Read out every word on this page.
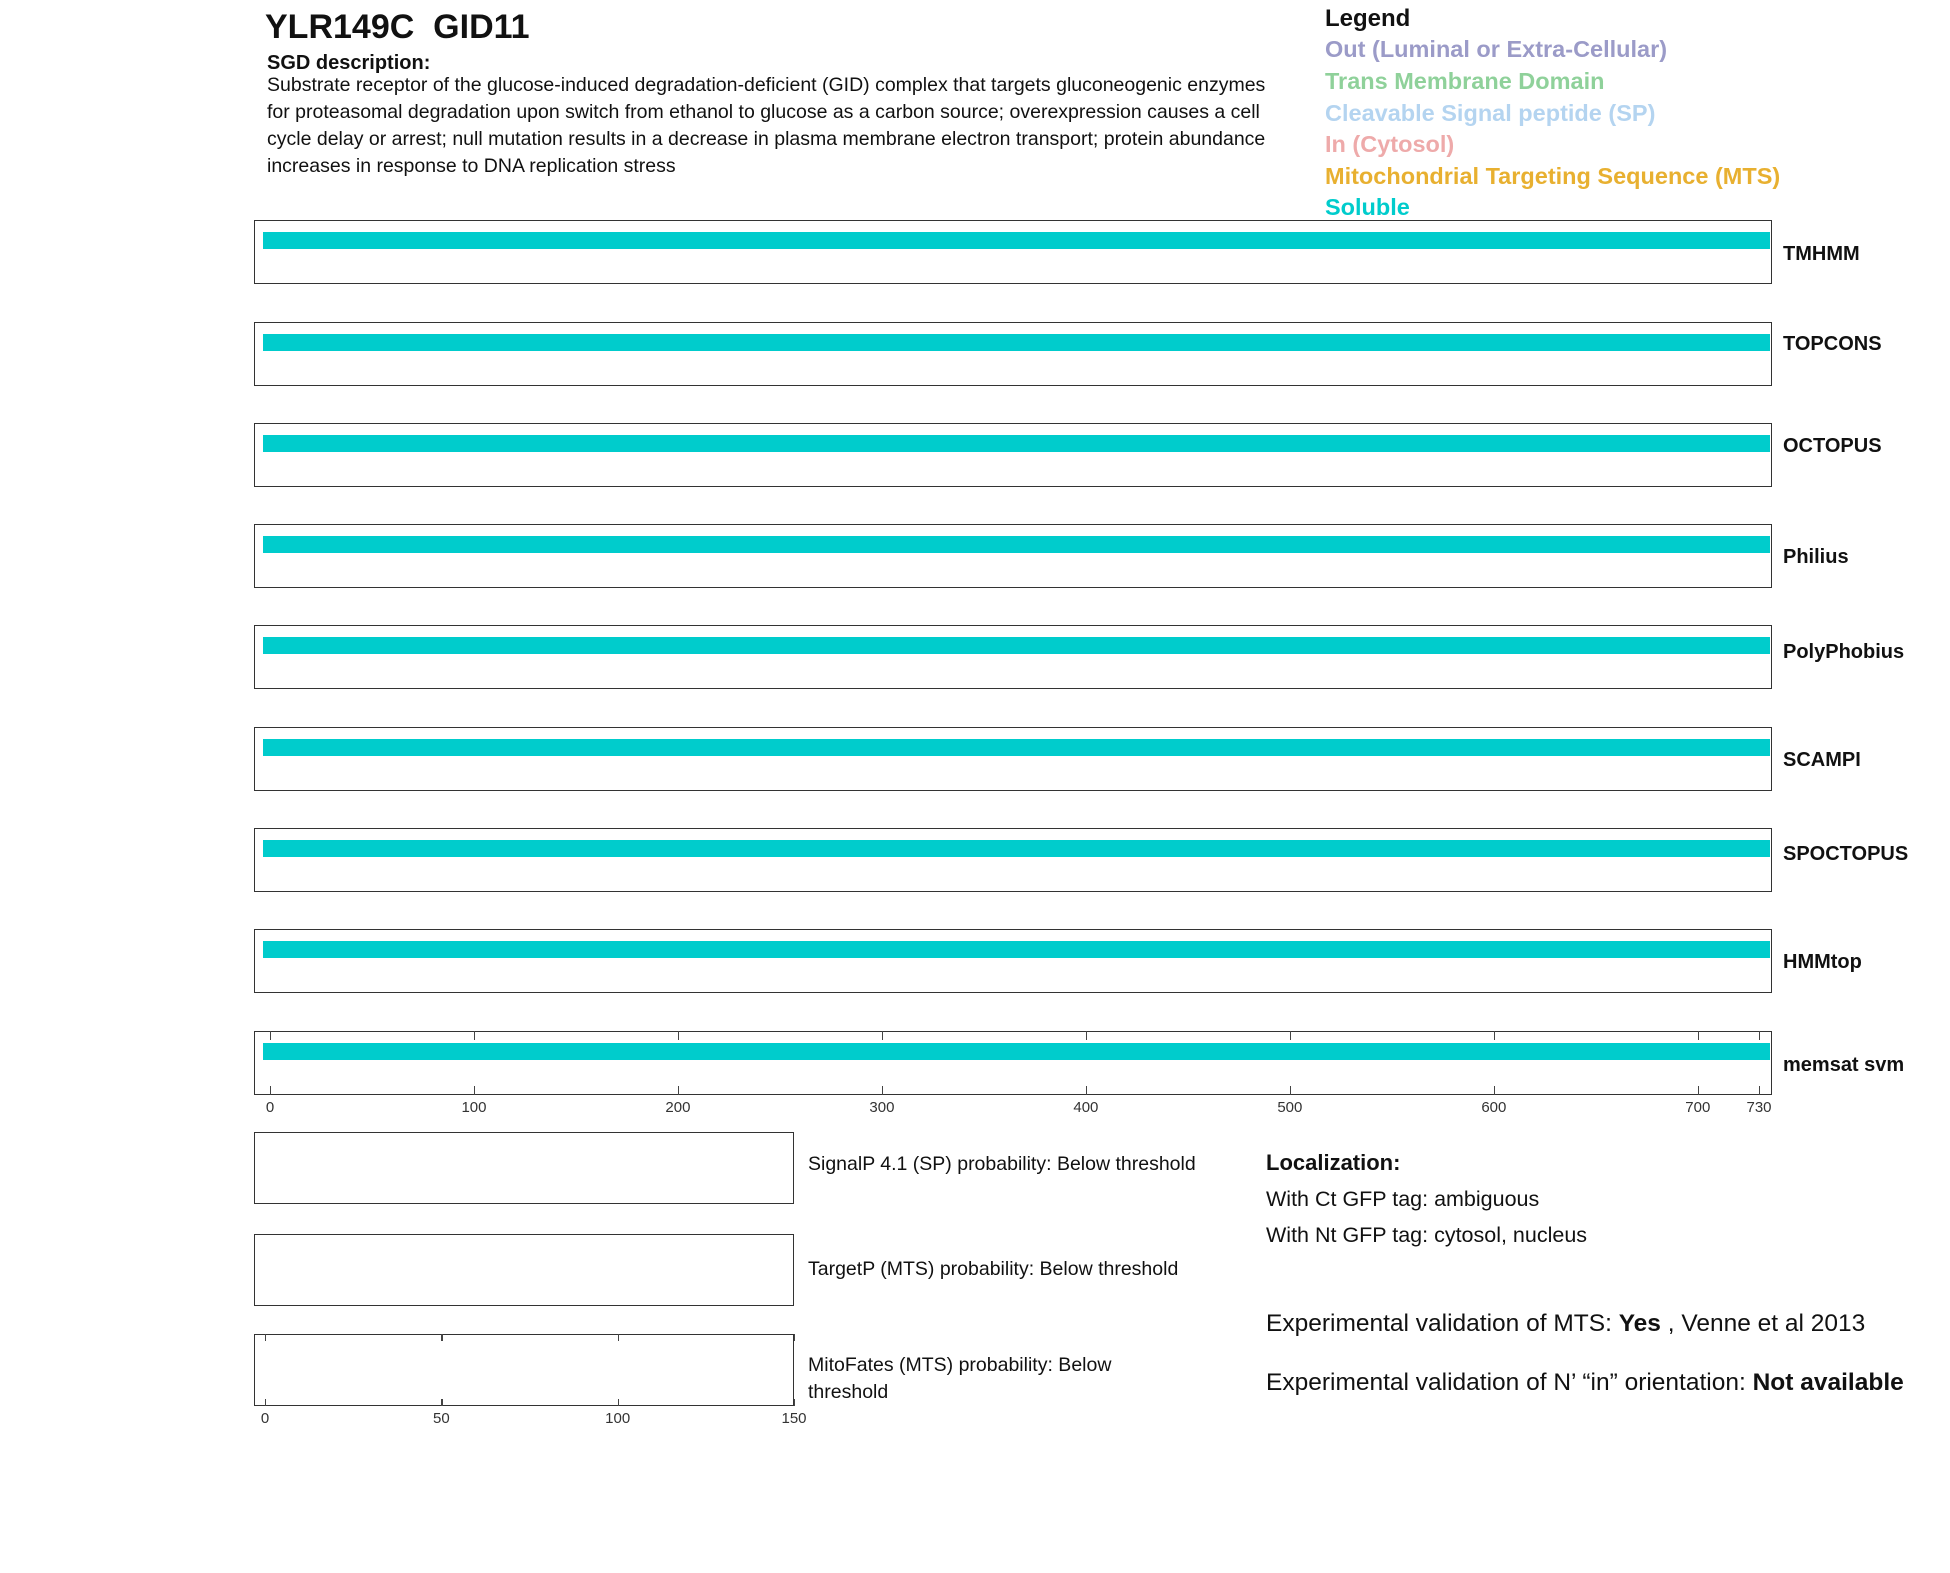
YLR149C  GID11
SGD description:
Substrate receptor of the glucose-induced degradation-deficient (GID) complex that targets gluconeogenic enzymes for proteasomal degradation upon switch from ethanol to glucose as a carbon source; overexpression causes a cell cycle delay or arrest; null mutation results in a decrease in plasma membrane electron transport; protein abundance increases in response to DNA replication stress
Legend
Out (Luminal or Extra-Cellular)
Trans Membrane Domain
Cleavable Signal peptide (SP)
In (Cytosol)
Mitochondrial Targeting Sequence (MTS)
Soluble
TMHMM
TOPCONS
OCTOPUS
Philius
PolyPhobius
SCAMPI
SPOCTOPUS
HMMtop
memsat svm
0	100	200	300	400	500	600	700 730
SignalP 4.1 (SP) probability: Below threshold
TargetP (MTS) probability: Below threshold
MitoFates (MTS) probability: Below threshold
0	50	100	150
Localization:
With Ct GFP tag: ambiguous
With Nt GFP tag: cytosol, nucleus
Experimental validation of MTS: Yes , Venne et al 2013
Experimental validation of N’ “in” orientation: Not available
